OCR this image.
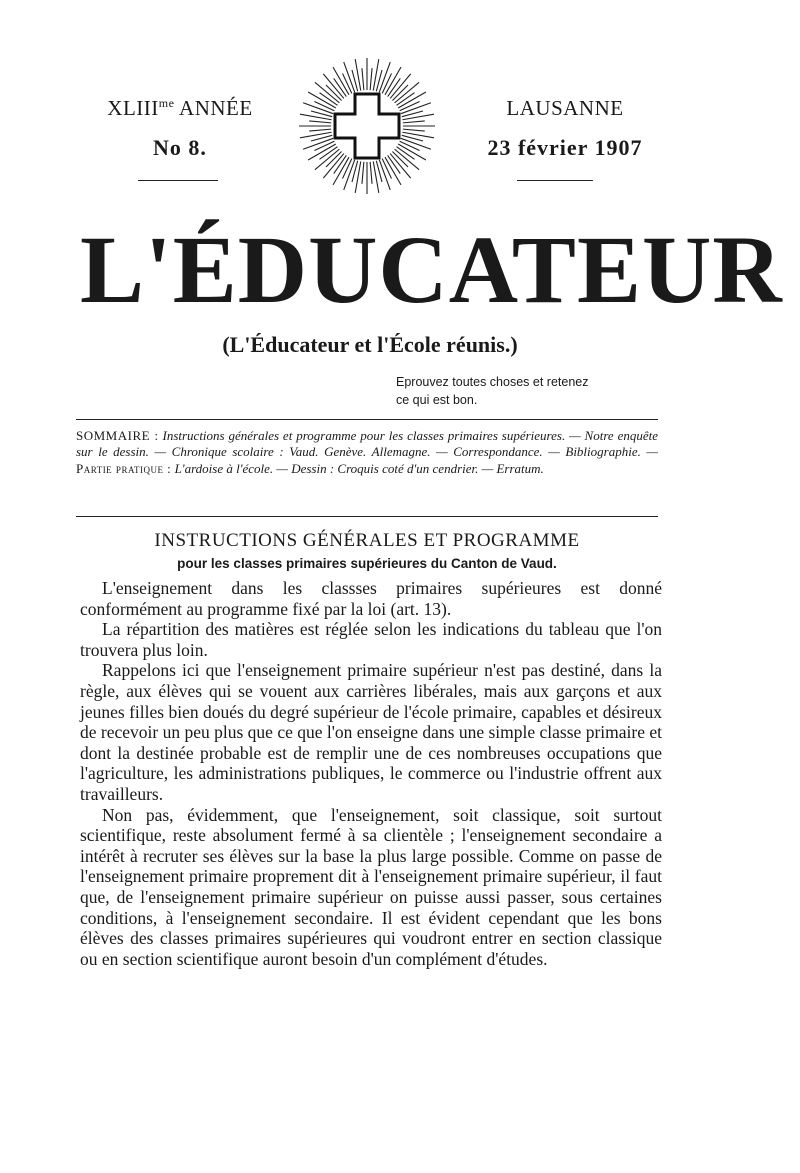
$XLIII^{me}$ ANNÉE
No 8.
LAUSANNE
23 février 1907
L'ÉDUCATEUR
(L'Éducateur et l'École réunis.)
Eprouvez toutes choses et retenez
ce qui est bon.
SOMMAIRE : Instructions générales et programme pour les classes primaires supérieures. — Notre enquête sur le dessin. — Chronique scolaire : Vaud. Genève. Allemagne. — Correspondance. — Bibliographie. — Partie pratique : L'ardoise à l'école. — Dessin : Croquis coté d'un cendrier. — Erratum.
INSTRUCTIONS GÉNÉRALES ET PROGRAMME
pour les classes primaires supérieures du Canton de Vaud.

L'enseignement dans les classses primaires supérieures est donné conformément au programme fixé par la loi (art. 13).

La répartition des matières est réglée selon les indications du tableau que l'on trouvera plus loin.

Rappelons ici que l'enseignement primaire supérieur n'est pas destiné, dans la règle, aux élèves qui se vouent aux carrières libérales, mais aux garçons et aux jeunes filles bien doués du degré supérieur de l'école primaire, capables et désireux de recevoir un peu plus que ce que l'on enseigne dans une simple classe primaire et dont la destinée probable est de remplir une de ces nombreuses occupations que l'agriculture, les administrations publiques, le commerce ou l'industrie offrent aux travailleurs.

Non pas, évidemment, que l'enseignement, soit classique, soit surtout scientifique, reste absolument fermé à sa clientèle ; l'enseignement secondaire a intérêt à recruter ses élèves sur la base la plus large possible. Comme on passe de l'enseignement primaire proprement dit à l'enseignement primaire supérieur, il faut que, de l'enseignement primaire supérieur on puisse aussi passer, sous certaines conditions, à l'enseignement secondaire. Il est évident cependant que les bons élèves des classes primaires supérieures qui voudront entrer en section classique ou en section scientifique auront besoin d'un complément d'études.
